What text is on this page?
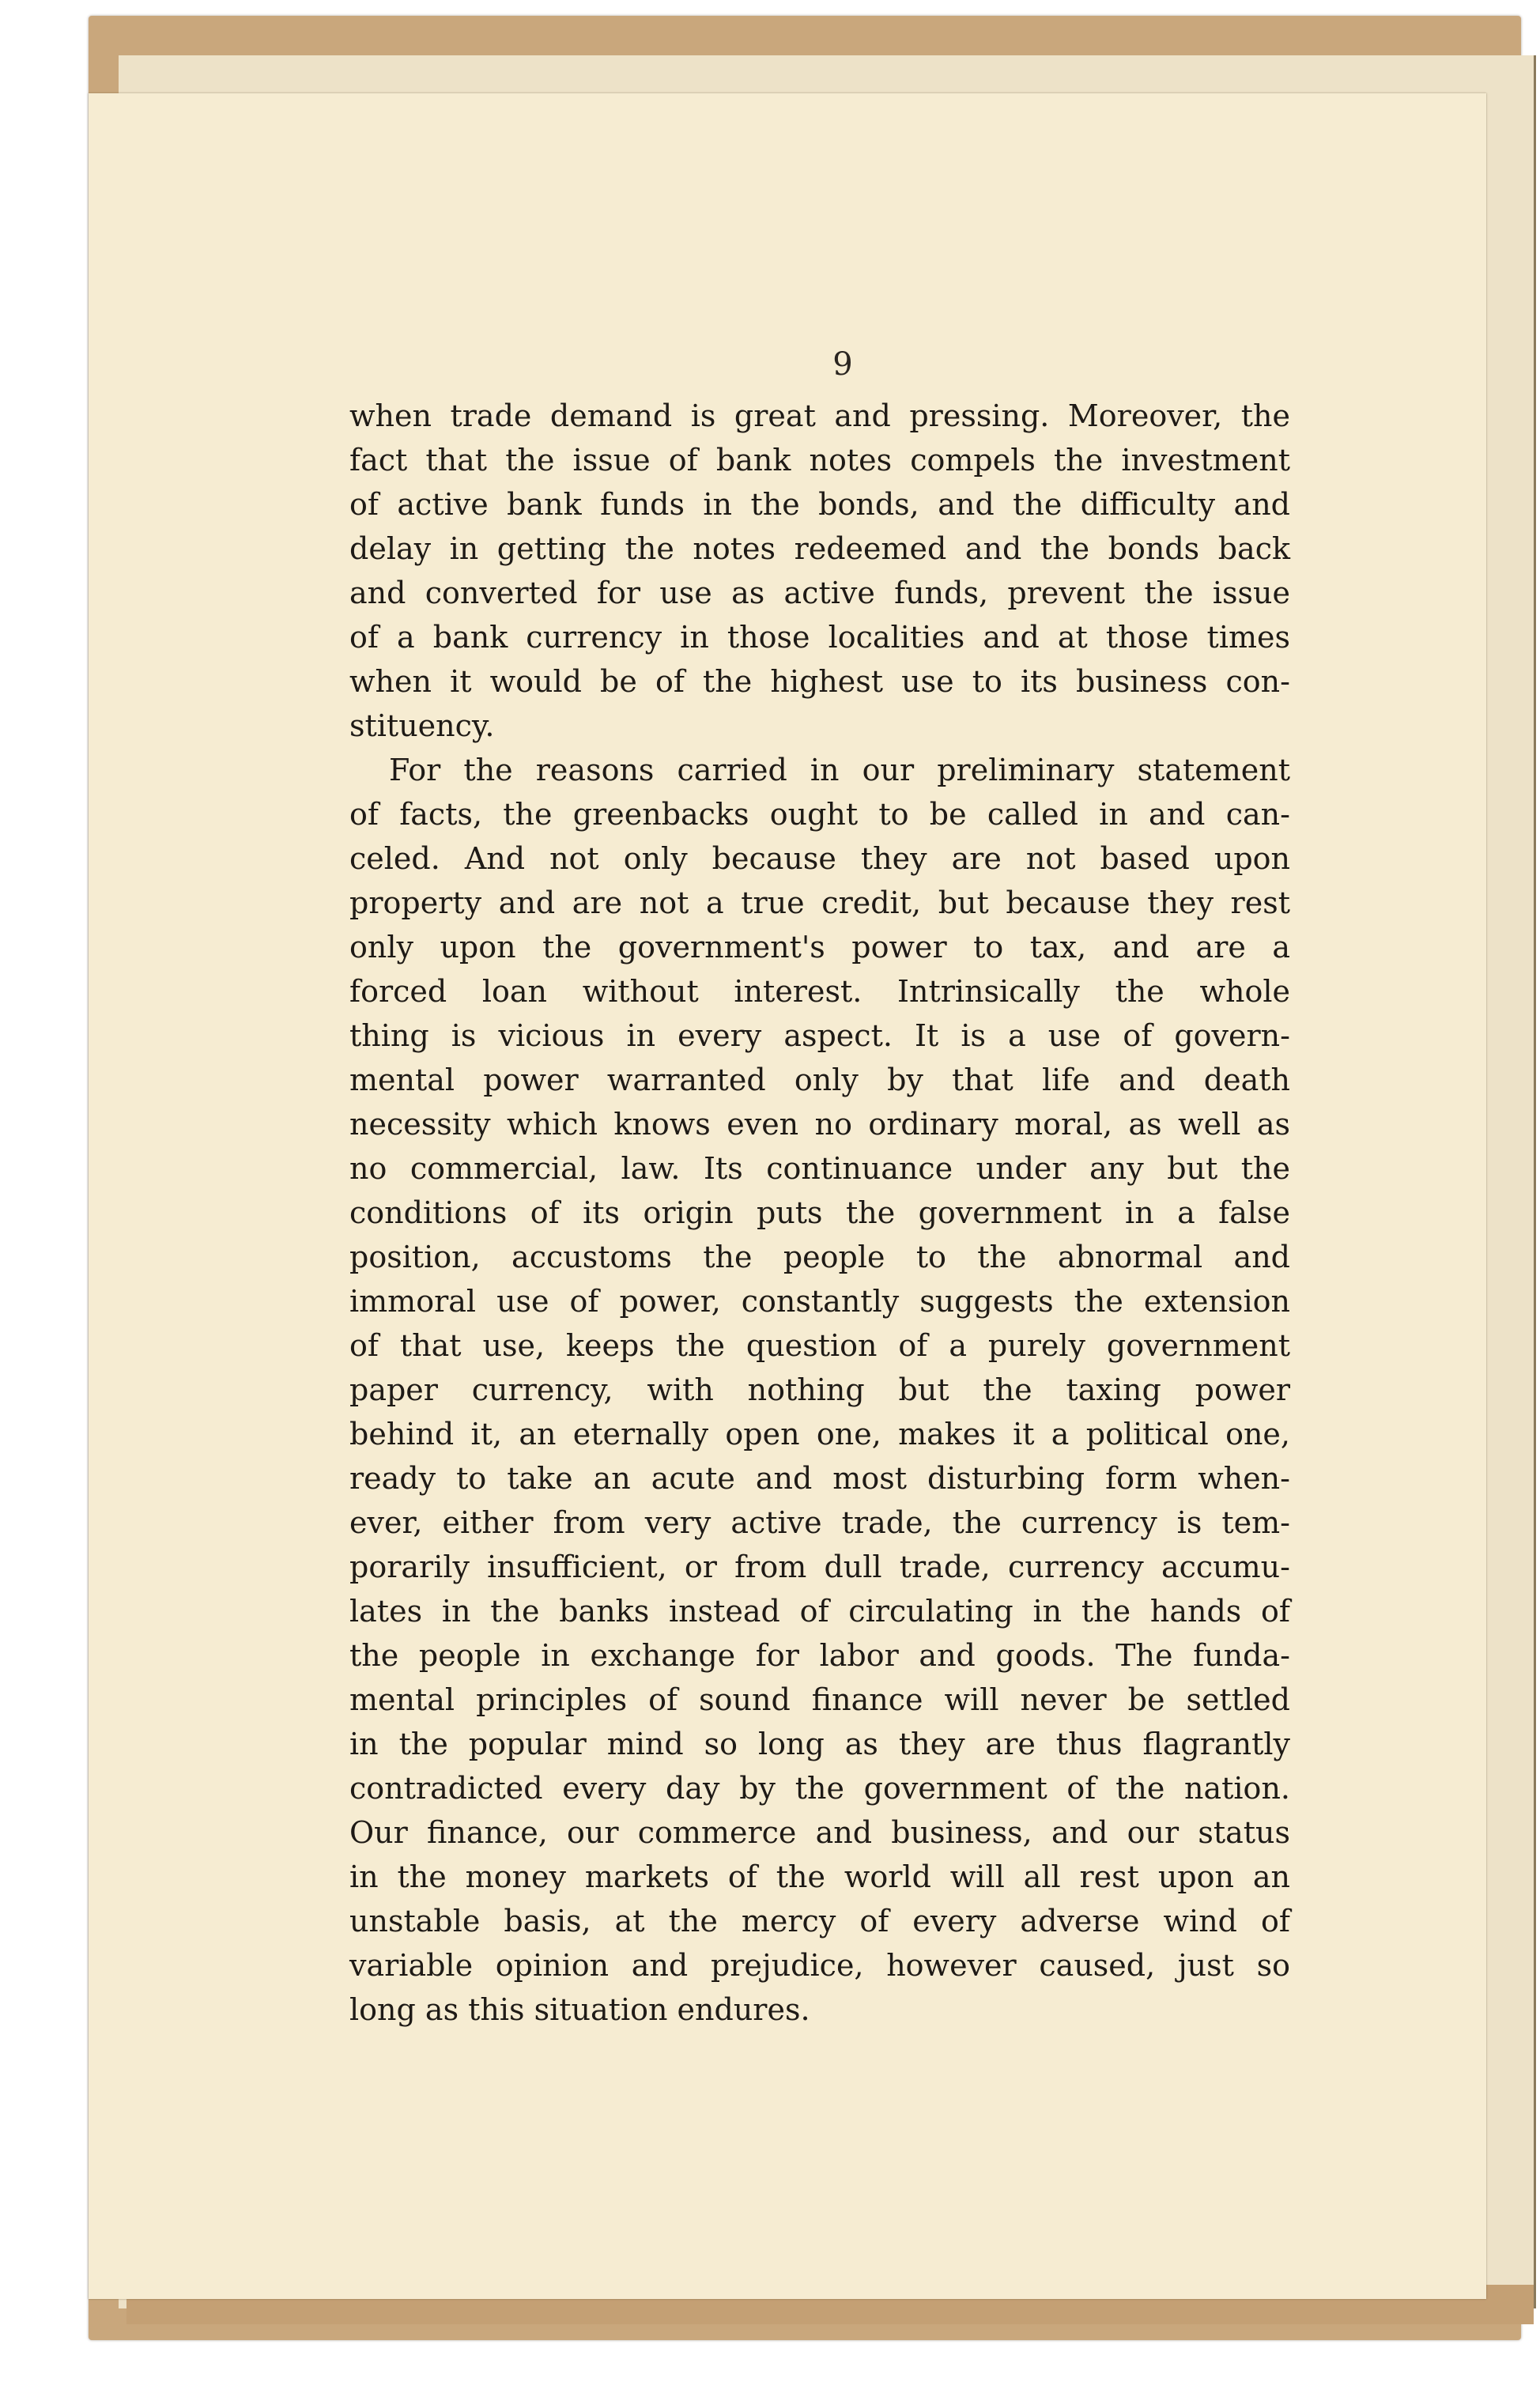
9
when trade demand is great and pressing. Moreover, the
fact that the issue of bank notes compels the investment
of active bank funds in the bonds, and the difficulty and
delay in getting the notes redeemed and the bonds back
and converted for use as active funds, prevent the issue
of a bank currency in those localities and at those times
when it would be of the highest use to its business con-
stituency.
For the reasons carried in our preliminary statement
of facts, the greenbacks ought to be called in and can-
celed. And not only because they are not based upon
property and are not a true credit, but because they rest
only upon the government's power to tax, and are a
forced loan without interest. Intrinsically the whole
thing is vicious in every aspect. It is a use of govern-
mental power warranted only by that life and death
necessity which knows even no ordinary moral, as well as
no commercial, law. Its continuance under any but the
conditions of its origin puts the government in a false
position, accustoms the people to the abnormal and
immoral use of power, constantly suggests the extension
of that use, keeps the question of a purely government
paper currency, with nothing but the taxing power
behind it, an eternally open one, makes it a political one,
ready to take an acute and most disturbing form when-
ever, either from very active trade, the currency is tem-
porarily insufficient, or from dull trade, currency accumu-
lates in the banks instead of circulating in the hands of
the people in exchange for labor and goods. The funda-
mental principles of sound finance will never be settled
in the popular mind so long as they are thus flagrantly
contradicted every day by the government of the nation.
Our finance, our commerce and business, and our status
in the money markets of the world will all rest upon an
unstable basis, at the mercy of every adverse wind of
variable opinion and prejudice, however caused, just so
long as this situation endures.
